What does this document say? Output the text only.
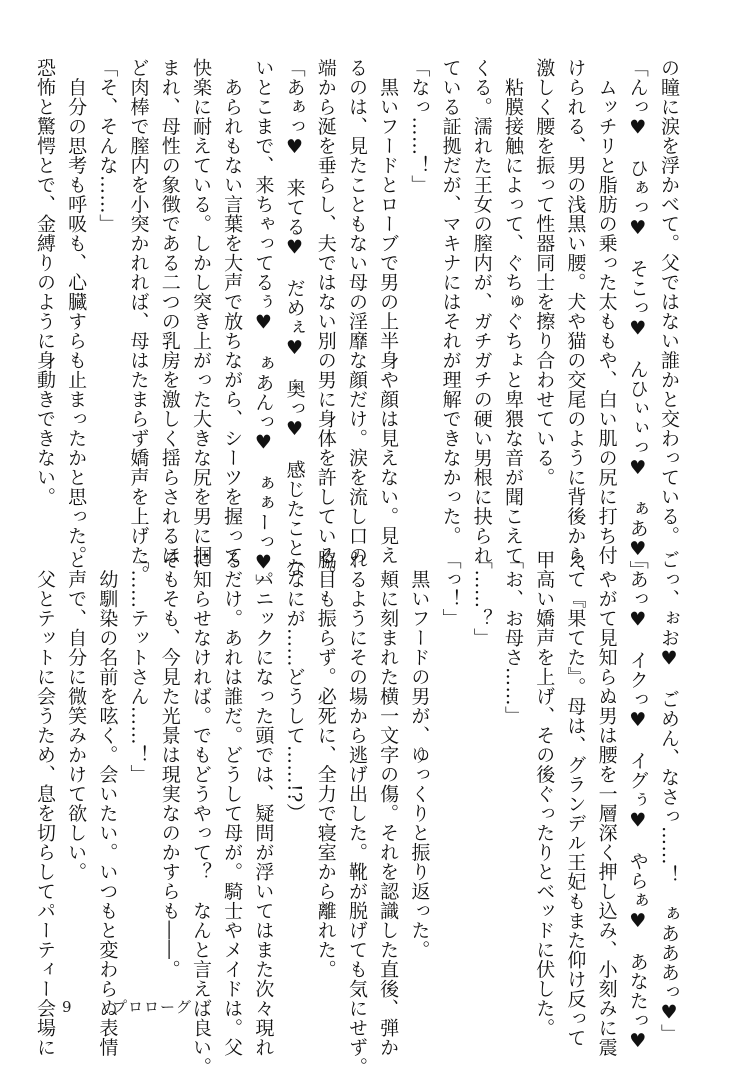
の瞳に涙を浮かべて。父ではない誰かと交わっている。
「んっ♥　ひぁっ♥　そこっ♥　んひぃぃっ♥　ぁあ♥」
　ムッチリと脂肪の乗った太ももや、白い肌の尻に打ち付
けられる、男の浅黒い腰。犬や猫の交尾のように背後から、
激しく腰を振って性器同士を擦り合わせている。
　粘膜接触によって、ぐちゅぐちょと卑猥な音が聞こえて
くる。濡れた王女の膣内が、ガチガチの硬い男根に抉られ
ている証拠だが、マキナにはそれが理解できなかった。
「なっ……！」
　黒いフードとローブで男の上半身や顔は見えない。見え
るのは、見たこともない母の淫靡な顔だけ。涙を流し口の
端から涎を垂らし、夫ではない別の男に身体を許している。
「あぁっ♥　来てる♥　だめぇ♥　奥っ♥　感じたことな
いとこまで、来ちゃってるぅ♥　ぁあんっ♥　ぁぁーっ♥」
　あられもない言葉を大声で放ちながら、シーツを握って
快楽に耐えている。しかし突き上がった大きな尻を男に掴
まれ、母性の象徴である二つの乳房を激しく揺らされるほ
ど肉棒で膣内を小突かれれば、母はたまらず嬌声を上げた。
「そ、そんな……」
　自分の思考も呼吸も、心臓すらも止まったかと思った。
恐怖と驚愕とで、金縛りのように身動きできない。
ごっ、ぉお♥　ごめん、なさっ……！　ぁあああっ♥」
「あっ♥　イクっ♥　イグぅ♥　やらぁ♥　あなたっ♥
　やがて見知らぬ男は腰を一層深く押し込み、小刻みに震
えて『果てた』。母は、グランデル王妃もまた仰け反って
甲高い嬌声を上げ、その後ぐったりとベッドに伏した。
「お、お母さ……」
「……？」
「っ！」
　黒いフードの男が、ゆっくりと振り返った。
　頬に刻まれた横一文字の傷。それを認識した直後、弾か
れるようにその場から逃げ出した。靴が脱げても気にせず。
脇目も振らず。必死に、全力で寝室から離れた。
（なにが……どうして……!?）
　パニックになった頭では、疑問が浮いてはまた次々現れ
るだけ。あれは誰だ。どうして母が。騎士やメイドは。父
に知らせなければ。でもどうやって？　なんと言えば良い。
そもそも、今見た光景は現実なのかすらも――。
「……テットさん……！」
　幼馴染の名前を呟く。会いたい。いつもと変わらぬ表情
と声で、自分に微笑みかけて欲しい。
　父とテットに会うため、息を切らしてパーティー会場に 9	プロローグ
